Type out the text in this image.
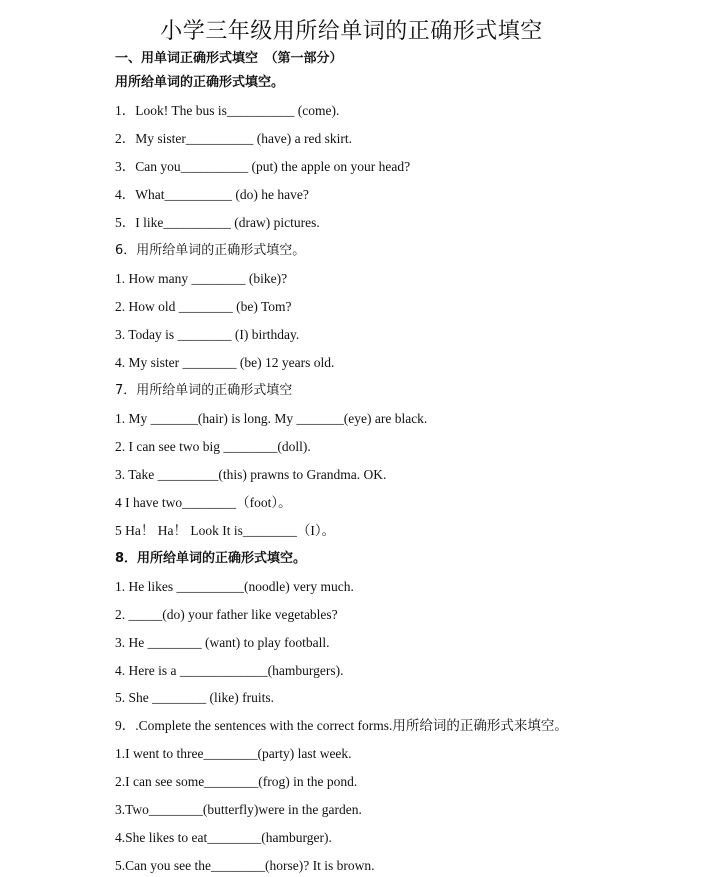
小学三年级用所给单词的正确形式填空
一、用单词正确形式填空　（第一部分）
用所给单词的正确形式填空。
1．Look! The bus is__________ (come).
2．My sister__________ (have) a red skirt.
3．Can you__________ (put) the apple on your head?
4．What__________ (do) he have?
5．I like__________ (draw) pictures.
6．用所给单词的正确形式填空。
1. How many ________ (bike)?
2. How old ________ (be) Tom?
3. Today is ________ (I) birthday.
4. My sister ________ (be) 12 years old.
7．用所给单词的正确形式填空
1. My _______(hair) is long. My _______(eye) are black.
2. I can see two big ________(doll).
3. Take _________(this) prawns to Grandma. OK.
4 I have two________（foot）。
5 Ha！ Ha！ Look It is________（I）。
8．用所给单词的正确形式填空。
1. He likes __________(noodle) very much.
2. _____(do) your father like vegetables?
3. He ________ (want) to play football.
4. Here is a _____________(hamburgers).
5. She ________ (like) fruits.
9．.Complete the sentences with the correct forms.用所给词的正确形式来填空。
1.I went to three________(party) last week.
2.I can see some________(frog) in the pond.
3.Two________(butterfly)were in the garden.
4.She likes to eat________(hamburger).
5.Can you see the________(horse)? It is brown.
